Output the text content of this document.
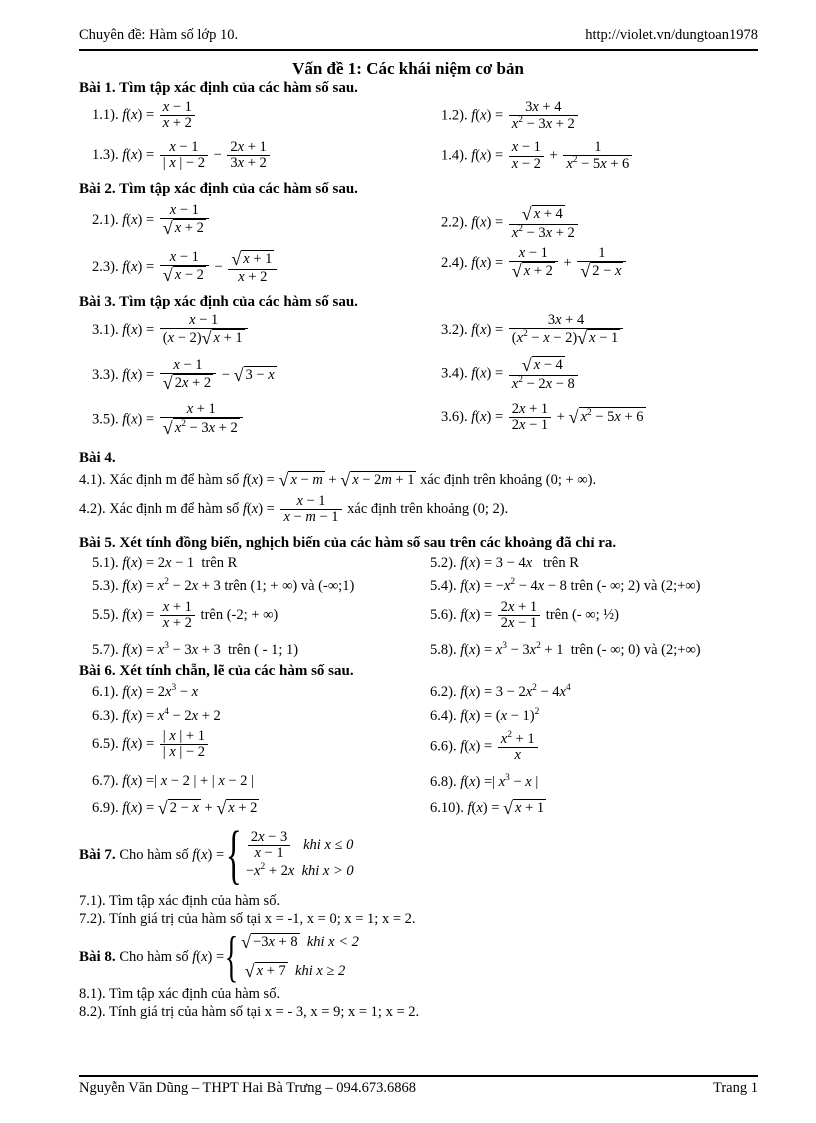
Chuyên đề: Hàm số lớp 10.	http://violet.vn/dungtoan1978
Vấn đề 1: Các khái niệm cơ bản
Bài 1. Tìm tập xác định của các hàm số sau.
1.1). $f(x) = \frac{x - 1}{x + 2}$	1.2). $f(x) = \frac{3x + 4}{x^2 - 3x + 2}$
1.3). $f(x) = \frac{x - 1}{| x | - 2} - \frac{2x + 1}{3x + 2}$	1.4). $f(x) = \frac{x - 1}{x - 2} + \frac{1}{x^2 - 5x + 6}$
Bài 2. Tìm tập xác định của các hàm số sau.
2.1). $f(x) = \frac{x - 1}{√ x + 2}$	2.2). $f(x) = \frac{√ x + 4}{x^2 - 3x + 2}$
2.3). $f(x) = \frac{x - 1}{√ x - 2} - \frac{√ x + 1}{x + 2}$	2.4). $f(x) = \frac{x - 1}{√ x + 2} + \frac{1}{√ 2 - x}$
Bài 3. Tìm tập xác định của các hàm số sau.
3.1). $f(x) = \frac{x - 1}{(x - 2)√ x + 1}$	3.2). $f(x) = \frac{3x + 4}{(x^2 - x - 2)√ x - 1}$
3.3). $f(x) = \frac{x - 1}{√ 2x + 2}$ − √ 3 − x	3.4). $f(x) = \frac{√ x - 4}{x^2 - 2x - 8}$
3.5). $f(x) = \frac{x + 1}{√ x^2 - 3x + 2}$	3.6). $f(x) = \frac{2x + 1}{2x - 1}$ + √ $x^2 - 5x + 6$
Bài 4.
4.1). Xác định m để hàm số f(x) = √ x − m + √ x − 2m + 1 xác định trên khoảng (0; + ∞).
4.2). Xác định m để hàm số $f(x) = \frac{x - 1}{x - m - 1}$ xác định trên khoảng (0; 2).
Bài 5. Xét tính đồng biến, nghịch biến của các hàm số sau trên các khoảng đã chỉ ra.
5.1). f(x) = 2x − 1  trên R	5.2). f(x) = 3 − 4x trên R
5.3). $f(x) = x^2 - 2x + 3$ trên (1; + ∞) và (-∞;1)	5.4). $f(x) = -x^2 - 4x - 8$ trên (- ∞; 2) và (2;+∞)
5.5). $f(x) = \frac{x + 1}{x + 2}$ trên (-2; + ∞)	5.6). $f(x) = \frac{2x + 1}{2x - 1}$ trên (- ∞; ½)
5.7). $f(x) = x^3 - 3x + 3$  trên ( - 1; 1)	5.8). $f(x) = x^3 - 3x^2 + 1$  trên (- ∞; 0) và (2;+∞)
Bài 6. Xét tính chẵn, lẽ của các hàm số sau.
6.1). $f(x) = 2x^3 - x$	6.2). $f(x) = 3 - 2x^2 - 4x^4$
6.3). $f(x) = x^4 - 2x + 2$	6.4). $f(x) = (x - 1)^2$
6.5). $f(x) = \frac{| x | + 1}{| x | - 2}$	6.6). $f(x) = \frac{x^2 + 1}{x}$
6.7). f(x) =| x − 2 | + | x − 2 |	6.8). f(x) =| $x^3 - x$ |
6.9). f(x) = √ 2 − x + √ x + 2	6.10). f(x) = √ x + 1
Bài 7. Cho hàm số f(x) ={ $\frac{2x - 3}{x - 1}$ khi x ≤ 0
$-x^2 + 2x$ khi x > 0
7.1). Tìm tập xác định của hàm số.
7.2). Tính giá trị của hàm số tại x = -1, x = 0; x = 1; x = 2.
Bài 8. Cho hàm số f(x) ={ √ −3x + 8 khi x < 2
√ x + 7 khi x ≥ 2
8.1). Tìm tập xác định của hàm số.
8.2). Tính giá trị của hàm số tại x = - 3, x = 9; x = 1; x = 2.
Nguyễn Văn Dũng – THPT Hai Bà Trưng – 094.673.6868	Trang 1
